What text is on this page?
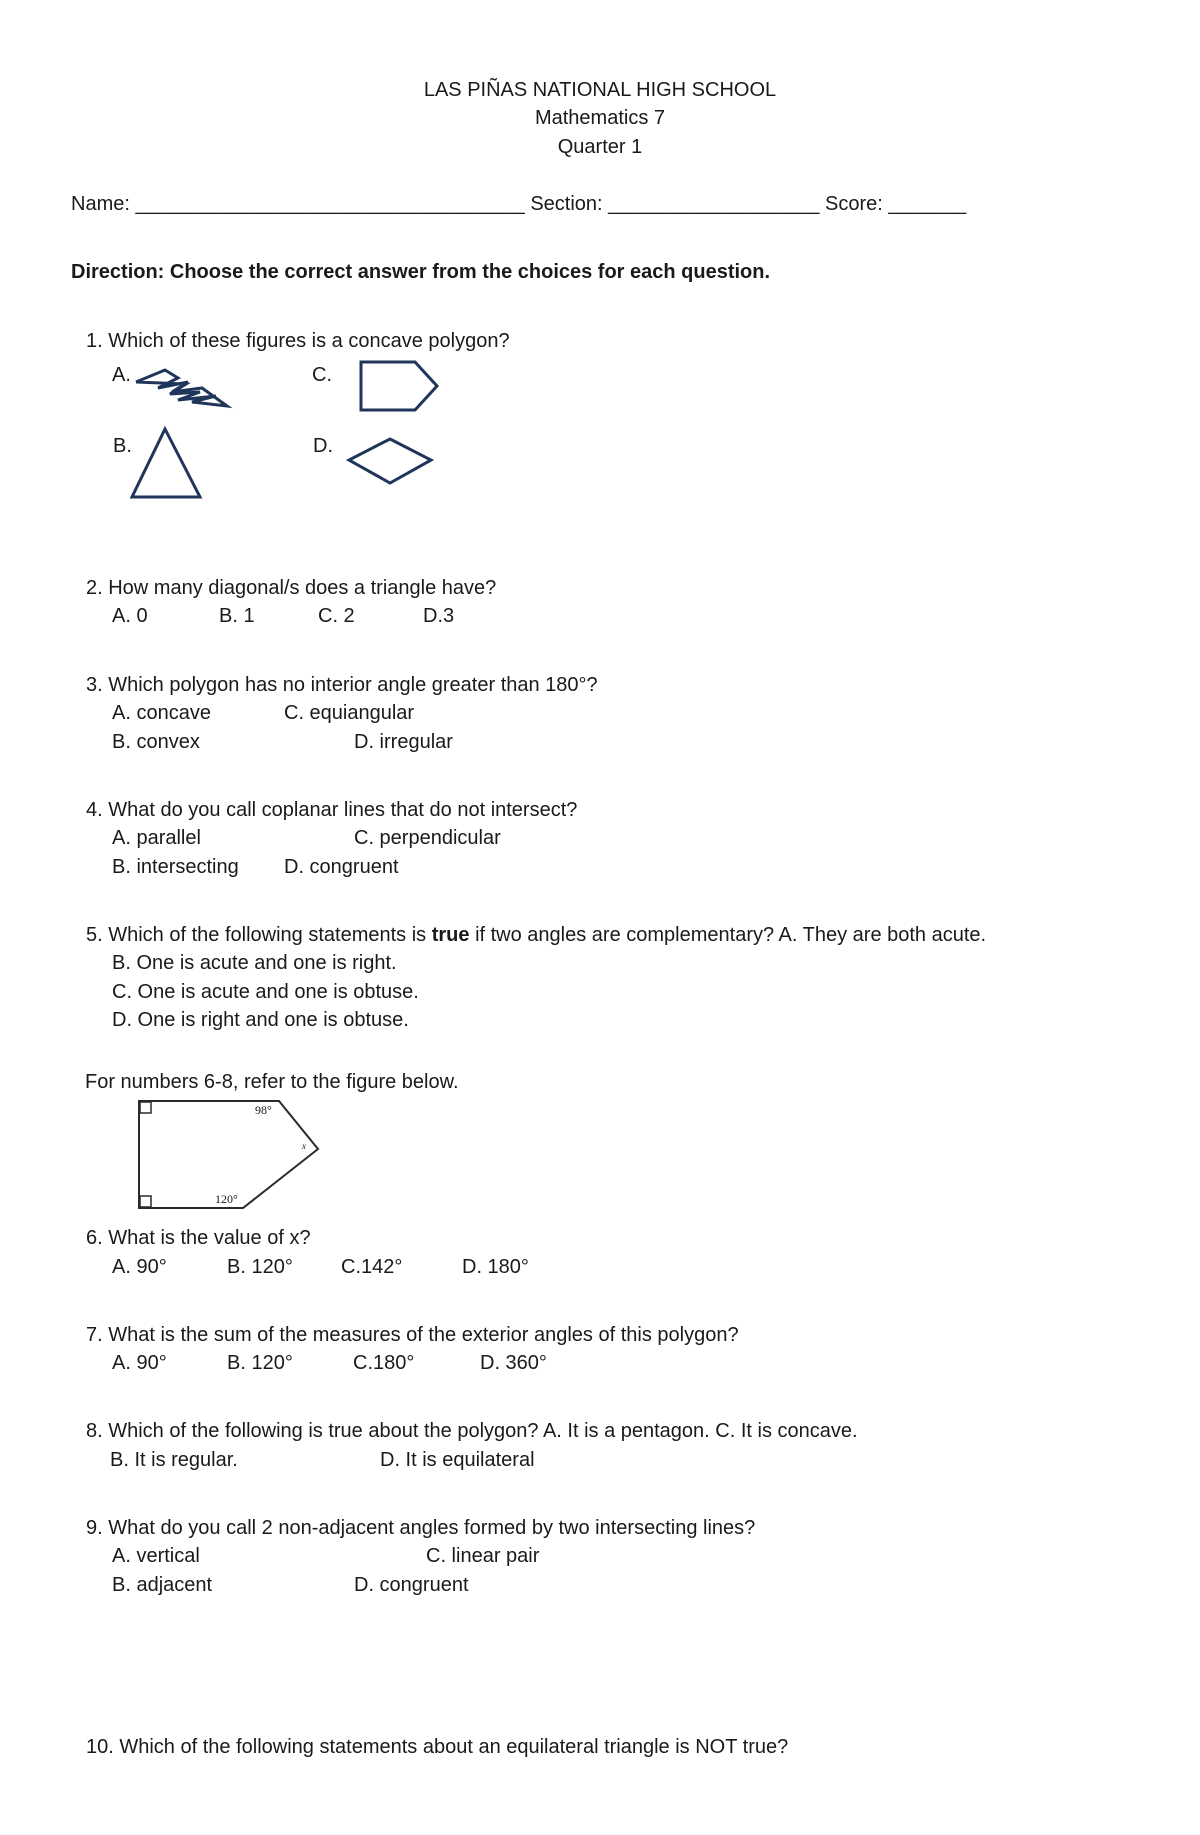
LAS PIÑAS NATIONAL HIGH SCHOOL
Mathematics 7
Quarter 1
Name: ___________________________________ Section: ___________________ Score: _______
Direction: Choose the correct answer from the choices for each question.
1. Which of these figures is a concave polygon?
A.	C.
B.	D.
2. How many diagonal/s does a triangle have?
A. 0	B. 1	C. 2	D.3
3. Which polygon has no interior angle greater than 180°?
A. concave	C. equiangular
B. convex	D. irregular
4. What do you call coplanar lines that do not intersect?
A. parallel	C. perpendicular
B. intersecting D. congruent
5. Which of the following statements is true if two angles are complementary? A. They are both acute.
B. One is acute and one is right.
C. One is acute and one is obtuse.
D. One is right and one is obtuse.
For numbers 6-8, refer to the figure below.
98°
120°
x
6. What is the value of x?
A. 90°	B. 120° C.142°	D. 180°
7. What is the sum of the measures of the exterior angles of this polygon?
A. 90°	B. 120°	C.180°	D. 360°
8. Which of the following is true about the polygon? A. It is a pentagon. C. It is concave.
B. It is regular.	D. It is equilateral
9. What do you call 2 non-adjacent angles formed by two intersecting lines?
A. vertical	C. linear pair
B. adjacent	D. congruent
10. Which of the following statements about an equilateral triangle is NOT true?
